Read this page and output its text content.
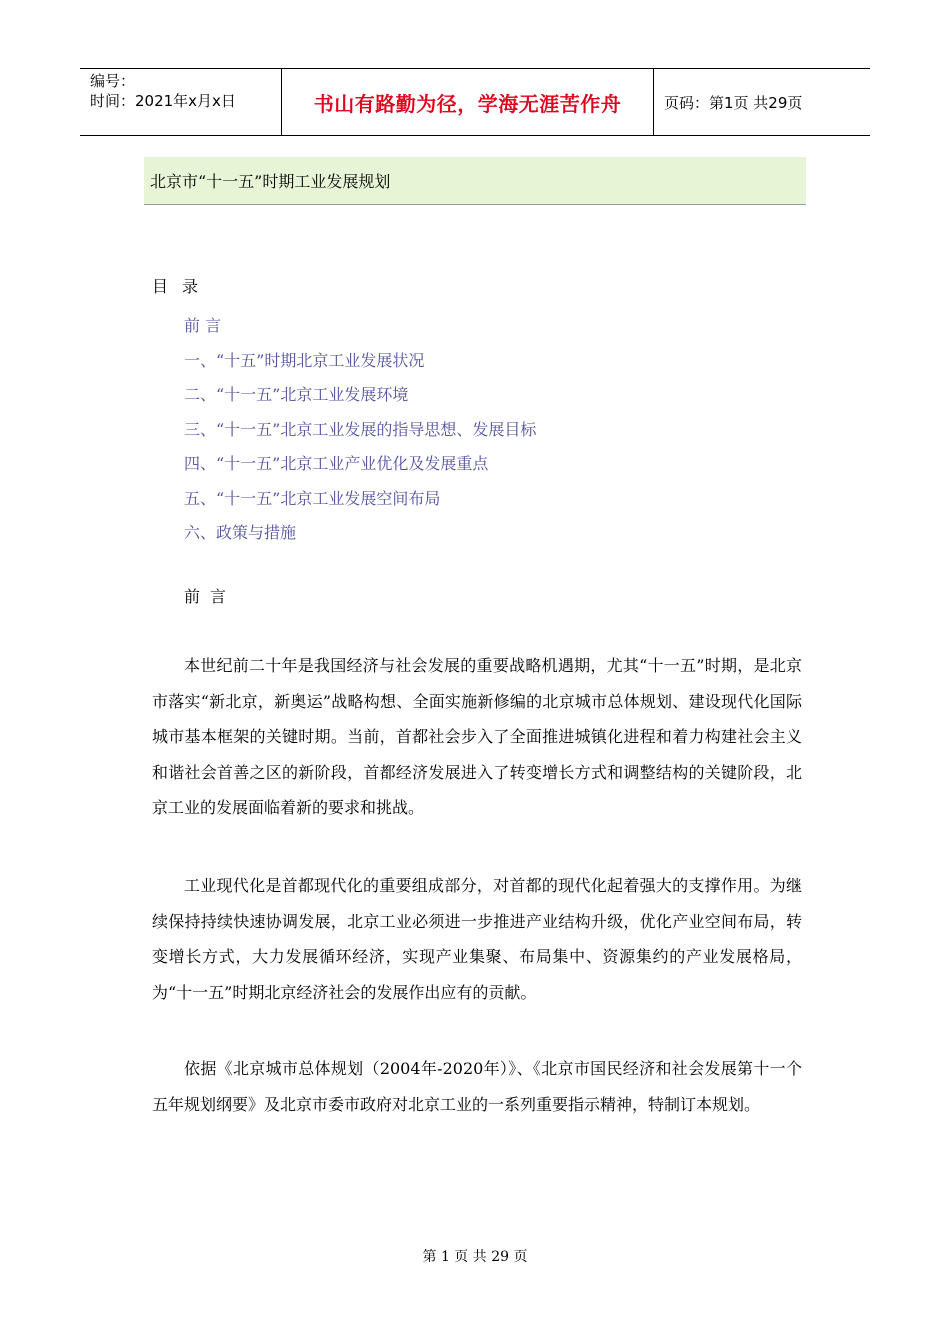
编号：
时间：2021年x月x日	书山有路勤为径，学海无涯苦作舟	页码：第1页 共29页
北京市“十一五”时期工业发展规划
目录
前 言
一、“十五”时期北京工业发展状况
二、“十一五”北京工业发展环境
三、“十一五”北京工业发展的指导思想、发展目标
四、“十一五”北京工业产业优化及发展重点
五、“十一五”北京工业发展空间布局
六、政策与措施
前言

本世纪前二十年是我国经济与社会发展的重要战略机遇期，尤其“十一五”时期，是北京市落实“新北京，新奥运”战略构想、全面实施新修编的北京城市总体规划、建设现代化国际城市基本框架的关键时期。当前，首都社会步入了全面推进城镇化进程和着力构建社会主义和谐社会首善之区的新阶段，首都经济发展进入了转变增长方式和调整结构的关键阶段，北京工业的发展面临着新的要求和挑战。

工业现代化是首都现代化的重要组成部分，对首都的现代化起着强大的支撑作用。为继续保持持续快速协调发展，北京工业必须进一步推进产业结构升级，优化产业空间布局，转变增长方式，大力发展循环经济，实现产业集聚、布局集中、资源集约的产业发展格局，为“十一五”时期北京经济社会的发展作出应有的贡献。

依据《北京城市总体规划（2004年-2020年）》、《北京市国民经济和社会发展第十一个五年规划纲要》及北京市委市政府对北京工业的一系列重要指示精神，特制订本规划。

第 1 页 共 29 页
